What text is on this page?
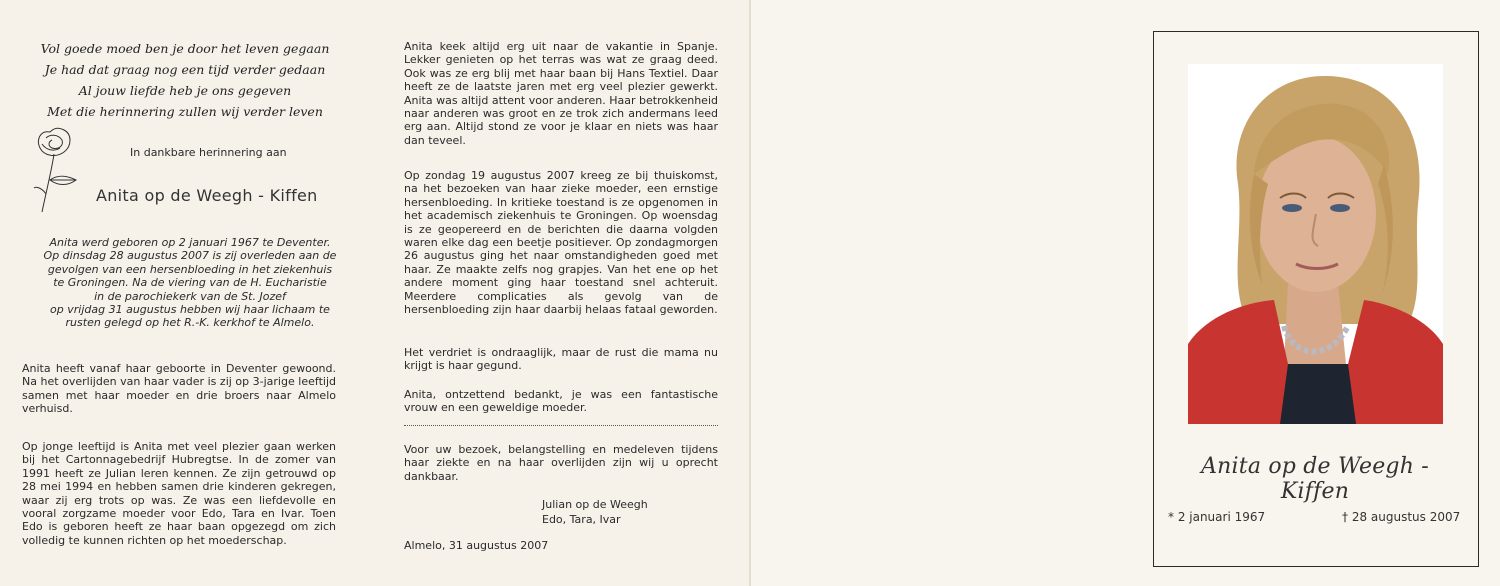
Vol goede moed ben je door het leven gegaan
Je had dat graag nog een tijd verder gedaan
Al jouw liefde heb je ons gegeven
Met die herinnering zullen wij verder leven
In dankbare herinnering aan
Anita op de Weegh - Kiffen
Anita werd geboren op 2 januari 1967 te Deventer.
Op dinsdag 28 augustus 2007 is zij overleden aan de
gevolgen van een hersenbloeding in het ziekenhuis
te Groningen. Na de viering van de H. Eucharistie
in de parochiekerk van de St. Jozef
op vrijdag 31 augustus hebben wij haar lichaam te
rusten gelegd op het R.-K. kerkhof te Almelo.

Anita heeft vanaf haar geboorte in Deventer gewoond. Na het overlijden van haar vader is zij op 3-jarige leeftijd samen met haar moeder en drie broers naar Almelo verhuisd.

Op jonge leeftijd is Anita met veel plezier gaan werken bij het Cartonnagebedrijf Hubregtse. In de zomer van 1991 heeft ze Julian leren kennen. Ze zijn getrouwd op 28 mei 1994 en hebben samen drie kinderen gekregen, waar zij erg trots op was. Ze was een liefdevolle en vooral zorgzame moeder voor Edo, Tara en Ivar. Toen Edo is geboren heeft ze haar baan opgezegd om zich volledig te kunnen richten op het moederschap.

Anita keek altijd erg uit naar de vakantie in Spanje. Lekker genieten op het terras was wat ze graag deed. Ook was ze erg blij met haar baan bij Hans Textiel. Daar heeft ze de laatste jaren met erg veel plezier gewerkt. Anita was altijd attent voor anderen. Haar betrokkenheid naar anderen was groot en ze trok zich andermans leed erg aan. Altijd stond ze voor je klaar en niets was haar dan teveel.

Op zondag 19 augustus 2007 kreeg ze bij thuiskomst, na het bezoeken van haar zieke moeder, een ernstige hersenbloeding. In kritieke toestand is ze opgenomen in het academisch ziekenhuis te Groningen. Op woensdag is ze geopereerd en de berichten die daarna volgden waren elke dag een beetje positiever. Op zondagmorgen 26 augustus ging het naar omstandigheden goed met haar. Ze maakte zelfs nog grapjes. Van het ene op het andere moment ging haar toestand snel achteruit. Meerdere complicaties als gevolg van de hersenbloeding zijn haar daarbij helaas fataal geworden.

Het verdriet is ondraaglijk, maar de rust die mama nu krijgt is haar gegund.

Anita, ontzettend bedankt, je was een fantastische vrouw en een geweldige moeder.

Voor uw bezoek, belangstelling en medeleven tijdens haar ziekte en na haar overlijden zijn wij u oprecht dankbaar.

Julian op de Weegh
Edo, Tara, Ivar
Almelo, 31 augustus 2007
Anita op de Weegh - Kiffen
* 2 januari 1967	† 28 augustus 2007
